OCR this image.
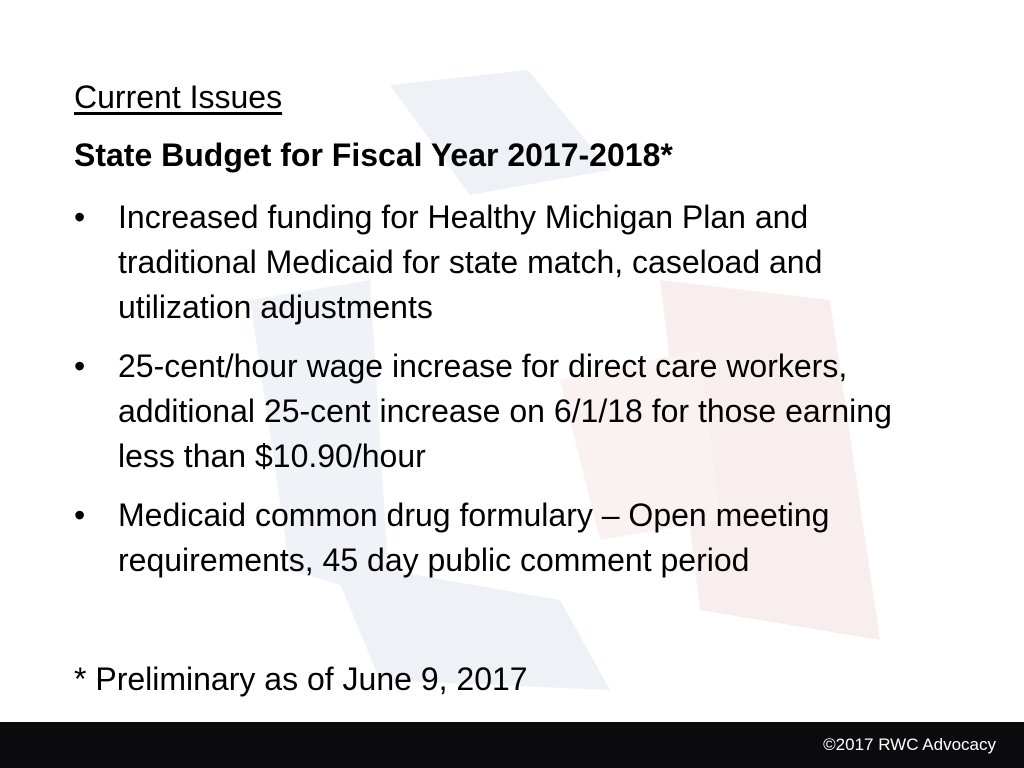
Current Issues
State Budget for Fiscal Year 2017-2018*
• Increased funding for Healthy Michigan Plan and traditional Medicaid for state match, caseload and utilization adjustments
• 25-cent/hour wage increase for direct care workers, additional 25-cent increase on 6/1/18 for those earning less than $10.90/hour
• Medicaid common drug formulary – Open meeting requirements, 45 day public comment period
* Preliminary as of June 9, 2017
©2017 RWC Advocacy
